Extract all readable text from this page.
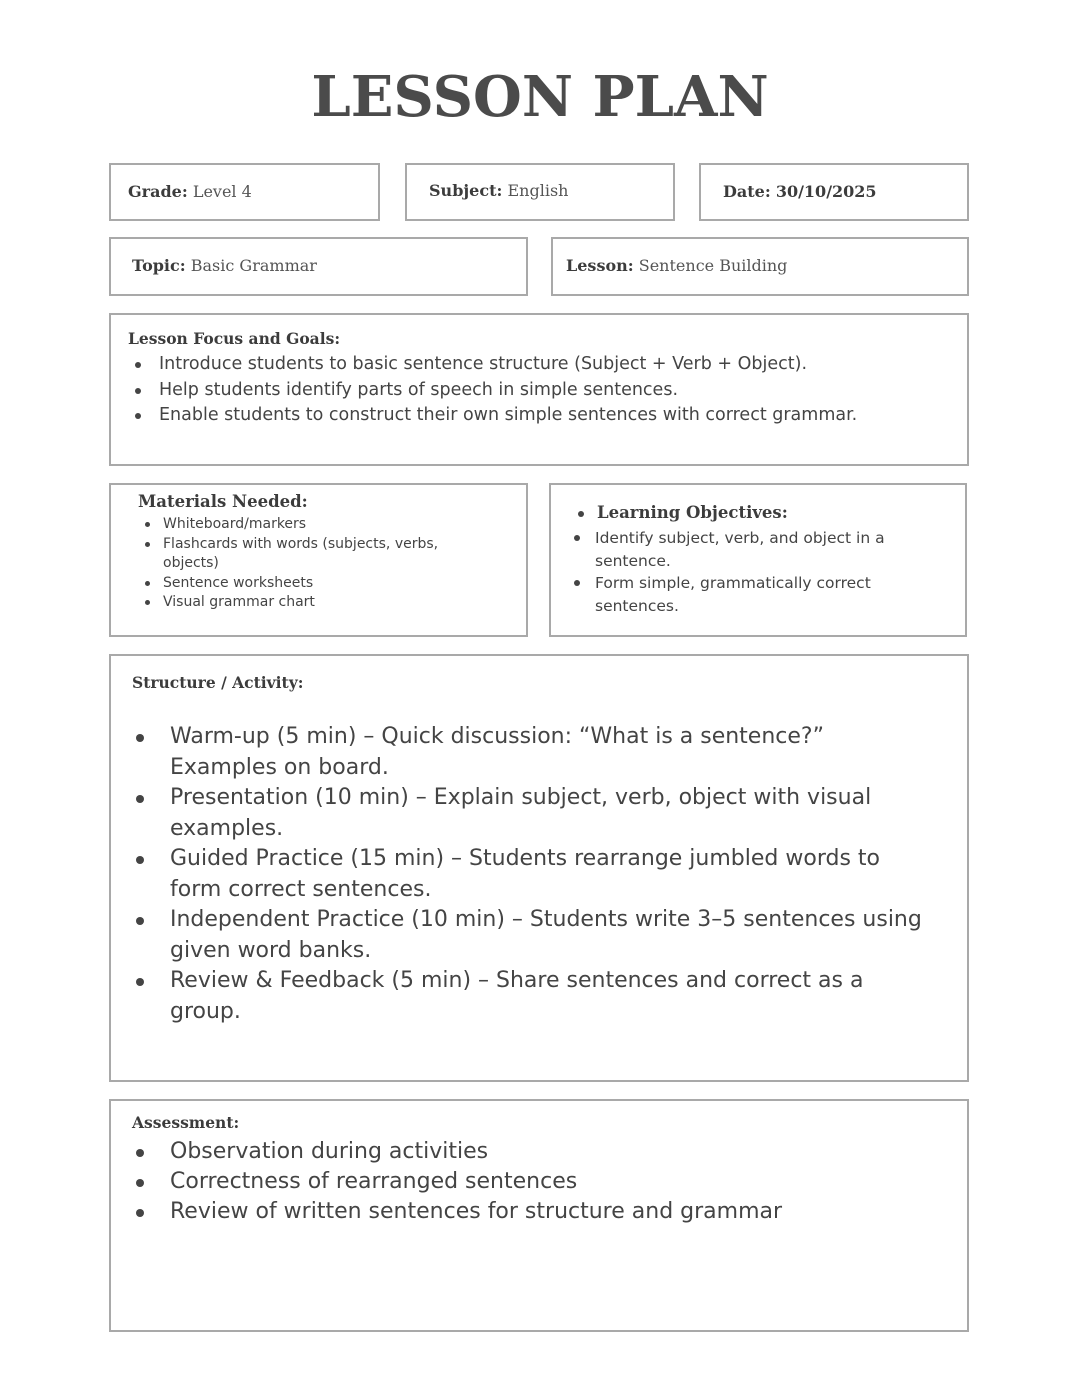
LESSON PLAN
Grade: Level 4	Subject: English	Date: 30/10/2025
Topic: Basic Grammar	Lesson: Sentence Building
Lesson Focus and Goals:
Introduce students to basic sentence structure (Subject + Verb + Object).
Help students identify parts of speech in simple sentences.
Enable students to construct their own simple sentences with correct grammar.
Materials Needed:
Whiteboard/markers
Flashcards with words (subjects, verbs, objects)
Sentence worksheets
Visual grammar chart
Learning Objectives:
Identify subject, verb, and object in a sentence.
Form simple, grammatically correct sentences.
Structure / Activity:
Warm-up (5 min) – Quick discussion: “What is a sentence?” Examples on board.
Presentation (10 min) – Explain subject, verb, object with visual examples.
Guided Practice (15 min) – Students rearrange jumbled words to form correct sentences.
Independent Practice (10 min) – Students write 3–5 sentences using given word banks.
Review & Feedback (5 min) – Share sentences and correct as a group.
Assessment:
Observation during activities
Correctness of rearranged sentences
Review of written sentences for structure and grammar
